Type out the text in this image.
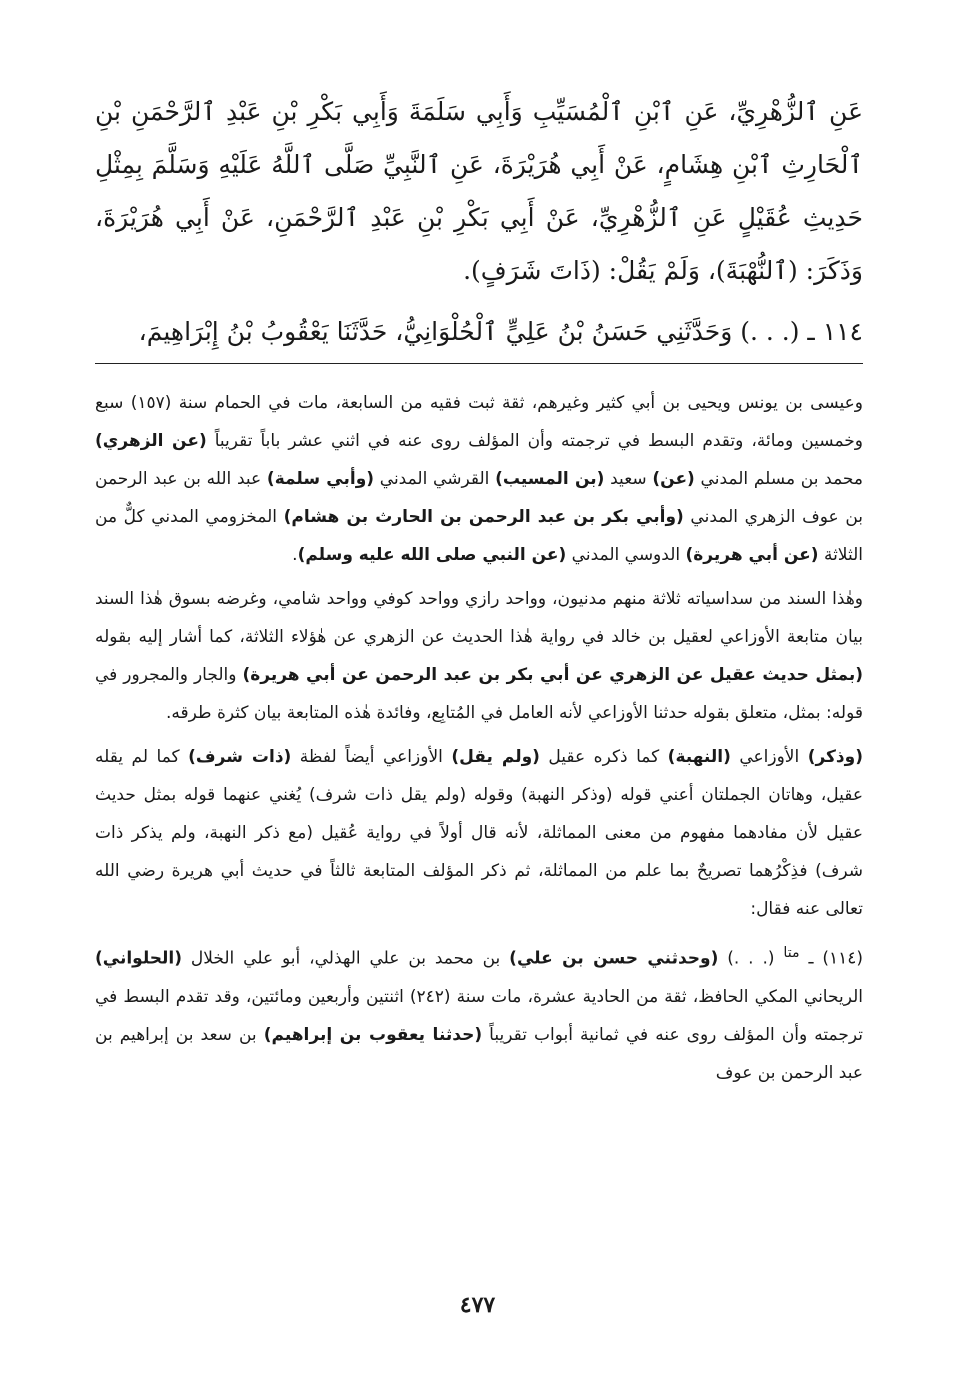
عَنِ ٱلزُّهْرِيِّ، عَنِ ٱبْنِ ٱلْمُسَيِّبِ وَأَبِي سَلَمَةَ وَأَبِي بَكْرِ بْنِ عَبْدِ ٱلرَّحْمَنِ بْنِ ٱلْحَارِثِ ٱبْنِ هِشَامٍ، عَنْ أَبِي هُرَيْرَةَ، عَنِ ٱلنَّبِيِّ صَلَّى ٱللَّهُ عَلَيْهِ وَسَلَّمَ بِمِثْلِ حَدِيثِ عُقَيْلٍ عَنِ ٱلزُّهْرِيِّ، عَنْ أَبِي بَكْرِ بْنِ عَبْدِ ٱلرَّحْمَنِ، عَنْ أَبِي هُرَيْرَةَ، وَذَكَرَ: (ٱلنُّهْبَةَ)، وَلَمْ يَقُلْ: (ذَاتَ شَرَفٍ).

١١٤ ـ (. . .) وَحَدَّثَنِي حَسَنُ بْنُ عَلِيٍّ ٱلْحُلْوَانِيُّ، حَدَّثَنَا يَعْقُوبُ بْنُ إِبْرَاهِيمَ،

وعيسى بن يونس ويحيى بن أبي كثير وغيرهم، ثقة ثبت فقيه من السابعة، مات في الحمام سنة (١٥٧) سبع وخمسين ومائة، وتقدم البسط في ترجمته وأن المؤلف روى عنه في اثني عشر باباً تقريباً (عن الزهري) محمد بن مسلم المدني (عن) سعيد (بن المسيب) القرشي المدني (وأبي سلمة) عبد الله بن عبد الرحمن بن عوف الزهري المدني (وأبي بكر بن عبد الرحمن بن الحارث بن هشام) المخزومي المدني كلٌّ من الثلاثة (عن أبي هريرة) الدوسي المدني (عن النبي صلى الله عليه وسلم).

وهٰذا السند من سداسياته ثلاثة منهم مدنيون، وواحد رازي وواحد كوفي وواحد شامي، وغرضه بسوق هٰذا السند بيان متابعة الأوزاعي لعقيل بن خالد في رواية هٰذا الحديث عن الزهري عن هٰؤلاء الثلاثة، كما أشار إليه بقوله (بمثل حديث عقيل عن الزهري عن أبي بكر بن عبد الرحمن عن أبي هريرة) والجار والمجرور في قوله: بمثل، متعلق بقوله حدثنا الأوزاعي لأنه العامل في المُتابِع، وفائدة هٰذه المتابعة بيان كثرة طرقه.

(وذكر) الأوزاعي (النهبة) كما ذكره عقيل (ولم يقل) الأوزاعي أيضاً لفظة (ذات شرف) كما لم يقله عقيل، وهاتان الجملتان أعني قوله (وذكر النهبة) وقوله (ولم يقل ذات شرف) يُغني عنهما قوله بمثل حديث عقيل لأن مفادهما مفهوم من معنى المماثلة، لأنه قال أولاً في رواية عُقيل (مع ذكر النهبة، ولم يذكر ذات شرف) فذِكْرُهما تصريحٌ بما علم من المماثلة، ثم ذكر المؤلف المتابعة ثالثاً في حديث أبي هريرة رضي الله تعالى عنه فقال:

(١١٤) ـ $^{متا}$ (. . .) (وحدثني حسن بن علي) بن محمد بن علي الهذلي، أبو علي الخلال (الحلواني) الريحاني المكي الحافظ، ثقة من الحادية عشرة، مات سنة (٢٤٢) اثنتين وأربعين ومائتين، وقد تقدم البسط في ترجمته وأن المؤلف روى عنه في ثمانية أبواب تقريباً (حدثنا يعقوب بن إبراهيم) بن سعد بن إبراهيم بن عبد الرحمن بن عوف

٤٧٧
